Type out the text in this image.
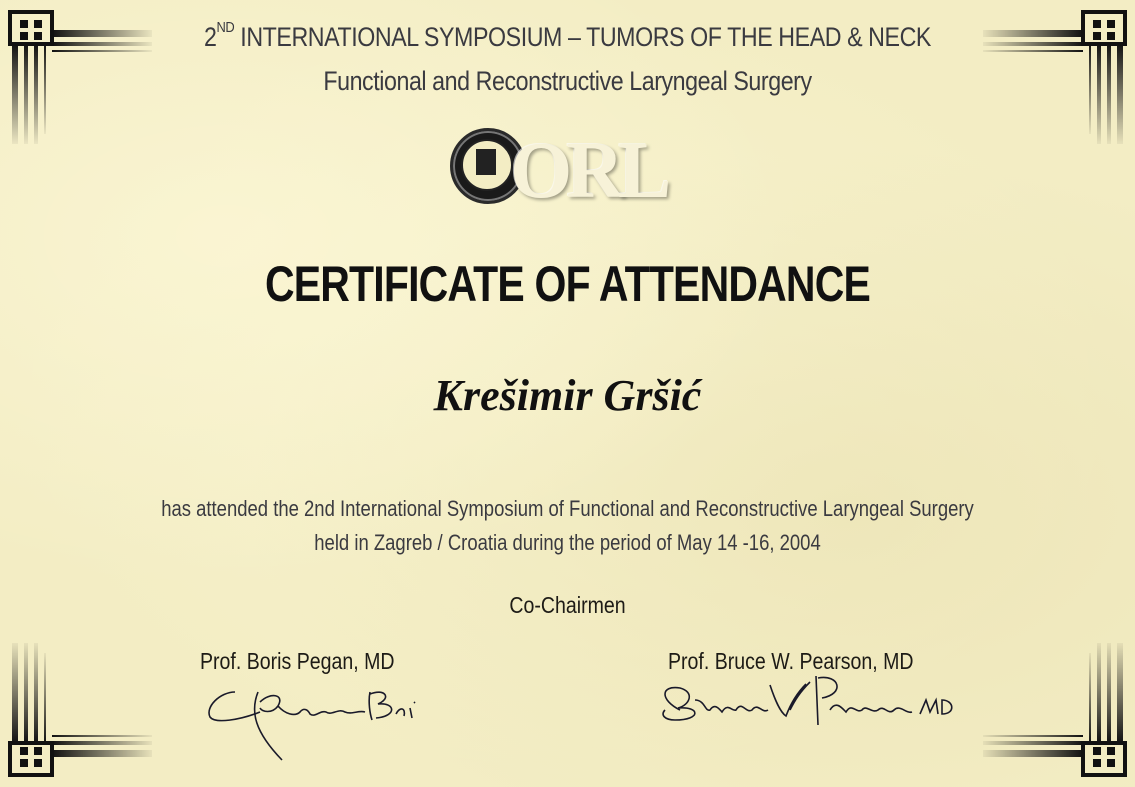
2ND INTERNATIONAL SYMPOSIUM – TUMORS OF THE HEAD & NECK
Functional and Reconstructive Laryngeal Surgery
ORL
CERTIFICATE OF ATTENDANCE
Krešimir Gršić
has attended the 2nd International Symposium of Functional and Reconstructive Laryngeal Surgery
held in Zagreb / Croatia during the period of May 14 -16, 2004
Co-Chairmen
Prof. Boris Pegan, MD	Prof. Bruce W. Pearson, MD
